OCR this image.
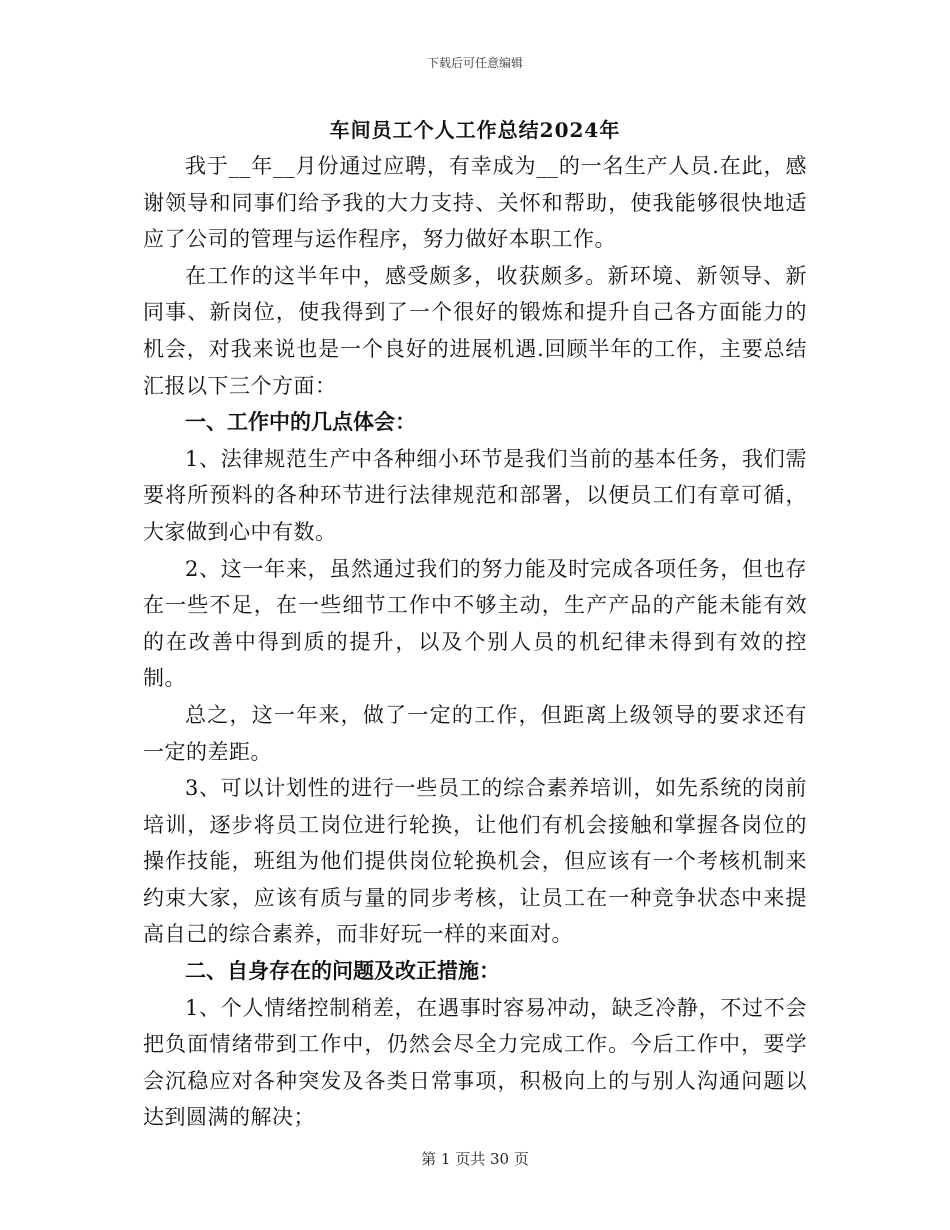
下载后可任意编辑
车间员工个人工作总结2024年

我于__年__月份通过应聘，有幸成为__的一名生产人员.在此，感谢领导和同事们给予我的大力支持、关怀和帮助，使我能够很快地适应了公司的管理与运作程序，努力做好本职工作。

在工作的这半年中，感受颇多，收获颇多。新环境、新领导、新同事、新岗位，使我得到了一个很好的锻炼和提升自己各方面能力的机会，对我来说也是一个良好的进展机遇.回顾半年的工作，主要总结汇报以下三个方面：

一、工作中的几点体会：

1、法律规范生产中各种细小环节是我们当前的基本任务，我们需要将所预料的各种环节进行法律规范和部署，以便员工们有章可循，大家做到心中有数。

2、这一年来，虽然通过我们的努力能及时完成各项任务，但也存在一些不足，在一些细节工作中不够主动，生产产品的产能未能有效的在改善中得到质的提升，以及个别人员的机纪律未得到有效的控制。

总之，这一年来，做了一定的工作，但距离上级领导的要求还有一定的差距。

3、可以计划性的进行一些员工的综合素养培训，如先系统的岗前培训，逐步将员工岗位进行轮换，让他们有机会接触和掌握各岗位的操作技能，班组为他们提供岗位轮换机会，但应该有一个考核机制来约束大家，应该有质与量的同步考核，让员工在一种竞争状态中来提高自己的综合素养，而非好玩一样的来面对。

二、自身存在的问题及改正措施：

1、个人情绪控制稍差，在遇事时容易冲动，缺乏冷静，不过不会把负面情绪带到工作中，仍然会尽全力完成工作。今后工作中，要学会沉稳应对各种突发及各类日常事项，积极向上的与别人沟通问题以达到圆满的解决；

第 1 页共 30 页
